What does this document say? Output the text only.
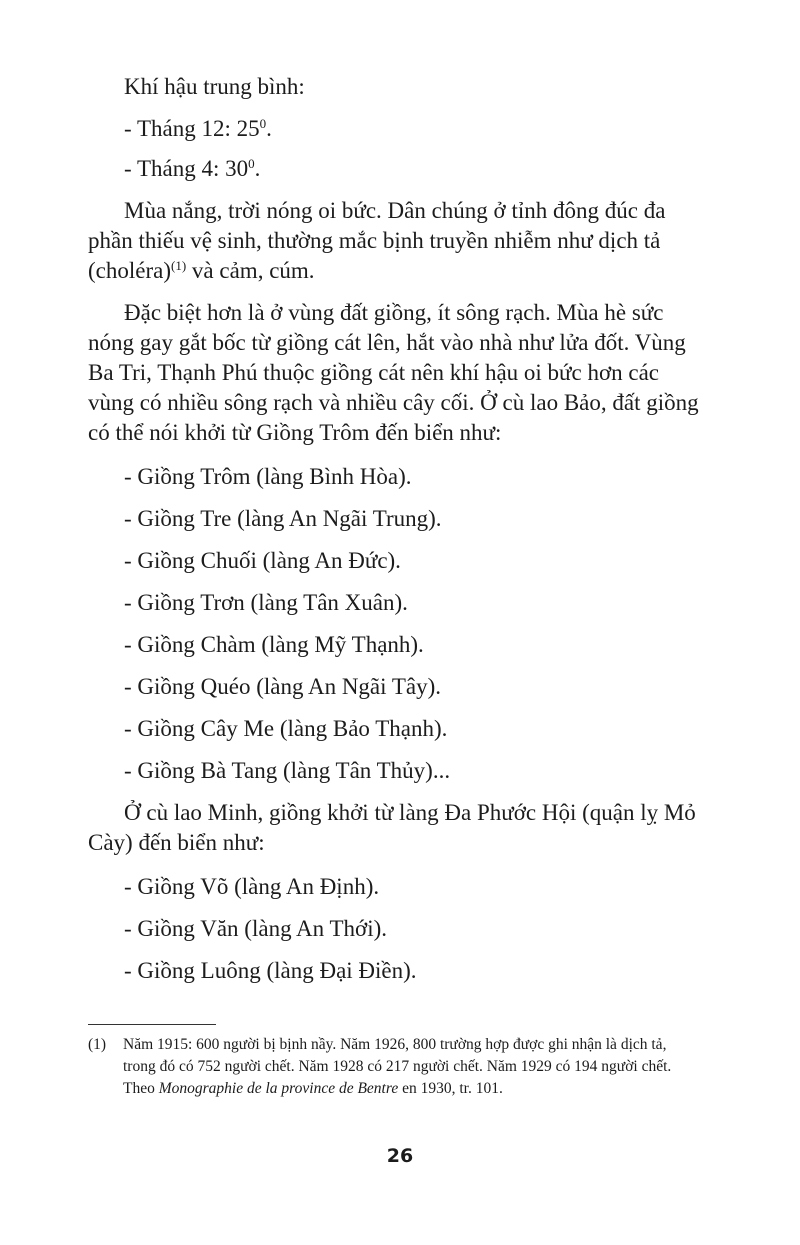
Khí hậu trung bình:
- Tháng 12: $25^0$.
- Tháng 4: $30^0$.
Mùa nắng, trời nóng oi bức. Dân chúng ở tỉnh đông đúc đa
phần thiếu vệ sinh, thường mắc bịnh truyền nhiễm như dịch tả
(choléra)$^{(1)}$ và cảm, cúm.
Đặc biệt hơn là ở vùng đất giồng, ít sông rạch. Mùa hè sức
nóng gay gắt bốc từ giồng cát lên, hắt vào nhà như lửa đốt. Vùng
Ba Tri, Thạnh Phú thuộc giồng cát nên khí hậu oi bức hơn các
vùng có nhiều sông rạch và nhiều cây cối. Ở cù lao Bảo, đất giồng
có thể nói khởi từ Giồng Trôm đến biển như:
- Giồng Trôm (làng Bình Hòa).
- Giồng Tre (làng An Ngãi Trung).
- Giồng Chuối (làng An Đức).
- Giồng Trơn (làng Tân Xuân).
- Giồng Chàm (làng Mỹ Thạnh).
- Giồng Quéo (làng An Ngãi Tây).
- Giồng Cây Me (làng Bảo Thạnh).
- Giồng Bà Tang (làng Tân Thủy)...
Ở cù lao Minh, giồng khởi từ làng Đa Phước Hội (quận lỵ Mỏ
Cày) đến biển như:
- Giồng Võ (làng An Định).
- Giồng Văn (làng An Thới).
- Giồng Luông (làng Đại Điền).
(1) Năm 1915: 600 người bị bịnh nầy. Năm 1926, 800 trường hợp được ghi nhận là dịch tả,
trong đó có 752 người chết. Năm 1928 có 217 người chết. Năm 1929 có 194 người chết.
Theo Monographie de la province de Bentre en 1930, tr. 101.
26
